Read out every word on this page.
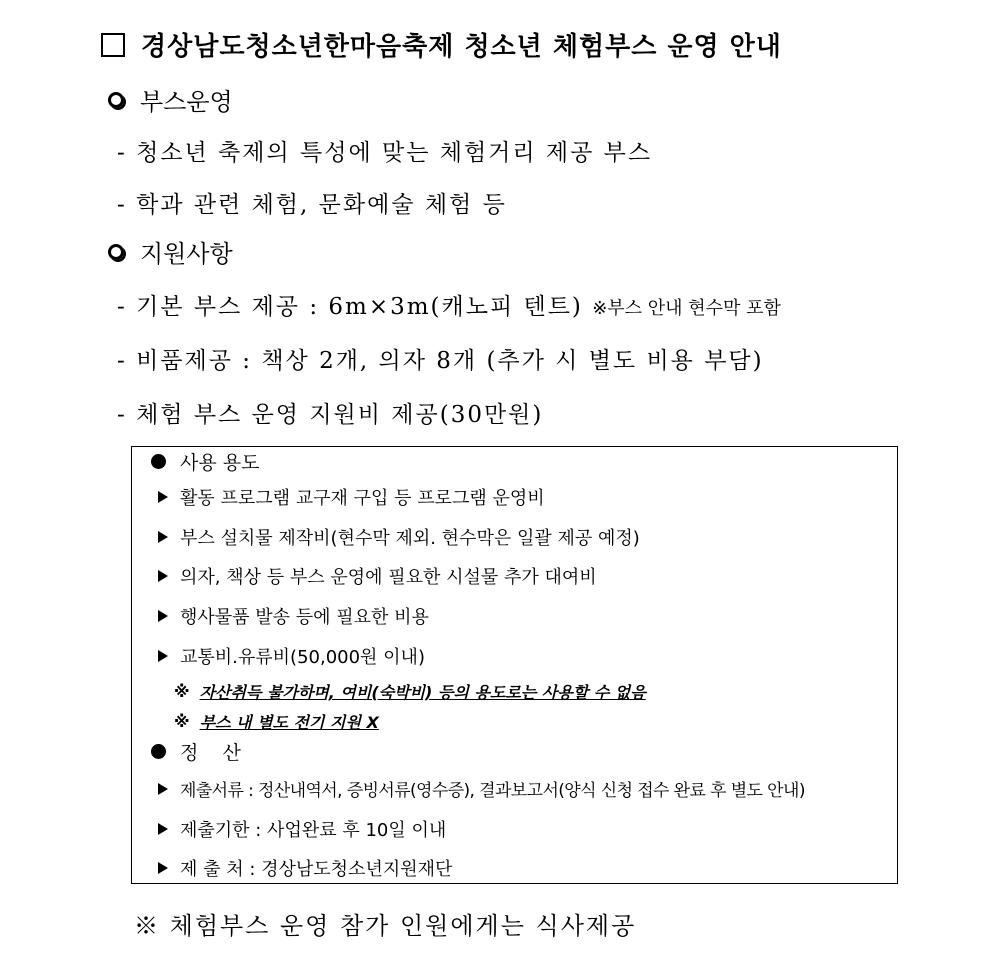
경상남도청소년한마음축제 청소년 체험부스 운영 안내
부스운영
- 청소년 축제의 특성에 맞는 체험거리 제공 부스
- 학과 관련 체험, 문화예술 체험 등
지원사항
- 기본 부스 제공 : 6m×3m(캐노피 텐트) ※부스 안내 현수막 포함
- 비품제공 : 책상 2개, 의자 8개 (추가 시 별도 비용 부담)
- 체험 부스 운영 지원비 제공(30만원)
사용 용도
활동 프로그램 교구재 구입 등 프로그램 운영비
부스 설치물 제작비(현수막 제외. 현수막은 일괄 제공 예정)
의자, 책상 등 부스 운영에 필요한 시설물 추가 대여비
행사물품 발송 등에 필요한 비용
교통비.유류비(50,000원 이내)
※ 자산취득 불가하며, 여비(숙박비) 등의 용도로는 사용할 수 없음
※ 부스 내 별도 전기 지원 X
정    산
제출서류 : 정산내역서, 증빙서류(영수증), 결과보고서(양식 신청 접수 완료 후 별도 안내)
제출기한 : 사업완료 후 10일 이내
제 출 처 : 경상남도청소년지원재단
※ 체험부스 운영 참가 인원에게는 식사제공
